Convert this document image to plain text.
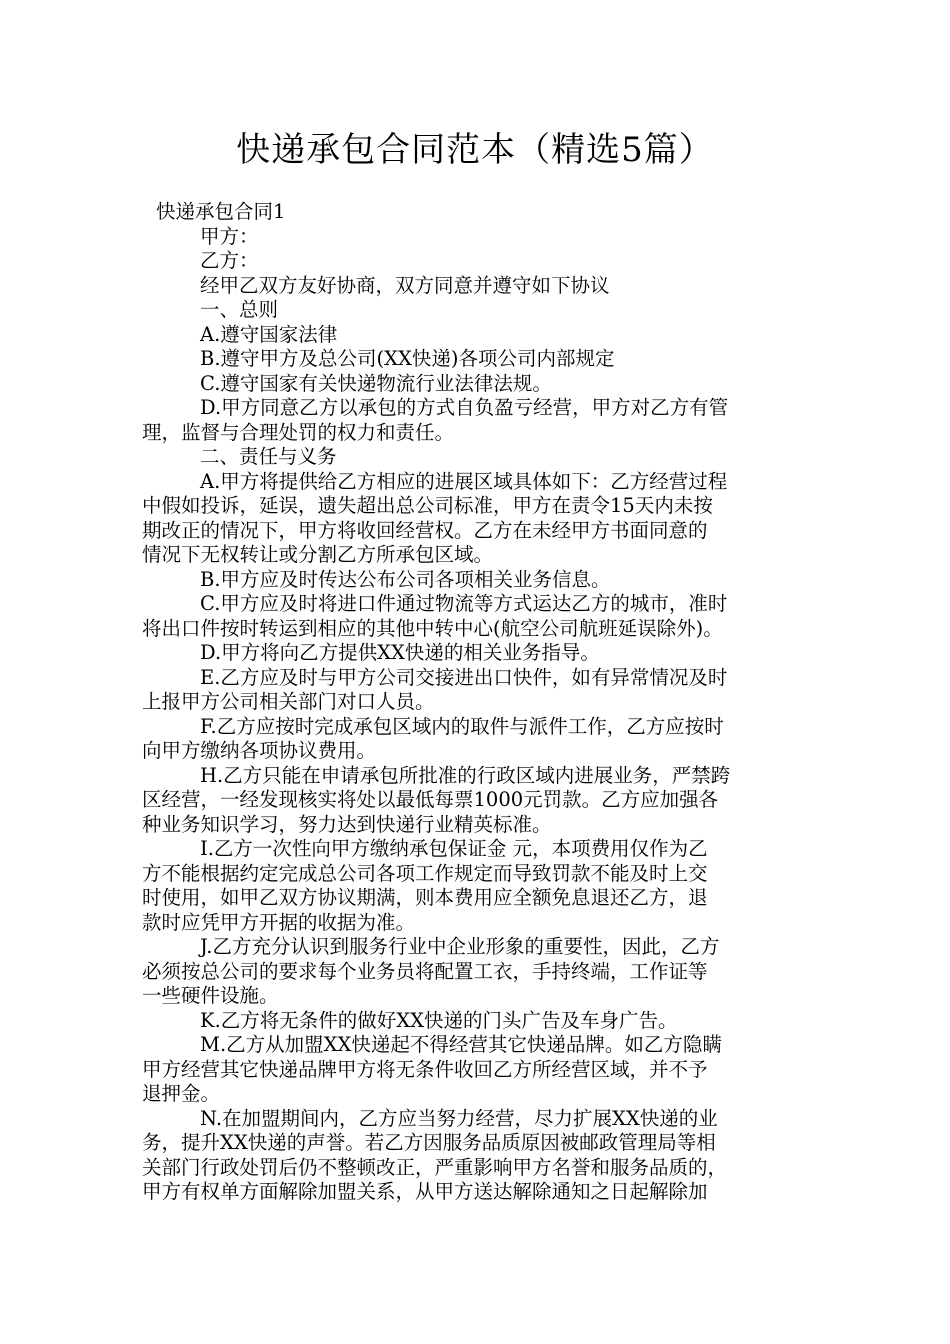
快递承包合同范本（精选5篇）
快递承包合同1
甲方：
乙方：
经甲乙双方友好协商，双方同意并遵守如下协议
一、总则
A.遵守国家法律
B.遵守甲方及总公司(XX快递)各项公司内部规定
C.遵守国家有关快递物流行业法律法规。
D.甲方同意乙方以承包的方式自负盈亏经营，甲方对乙方有管
理，监督与合理处罚的权力和责任。
二、责任与义务
A.甲方将提供给乙方相应的进展区域具体如下：乙方经营过程
中假如投诉，延误，遗失超出总公司标准，甲方在责令15天内未按
期改正的情况下，甲方将收回经营权。乙方在未经甲方书面同意的
情况下无权转让或分割乙方所承包区域。
B.甲方应及时传达公布公司各项相关业务信息。
C.甲方应及时将进口件通过物流等方式运达乙方的城市，准时
将出口件按时转运到相应的其他中转中心(航空公司航班延误除外)。
D.甲方将向乙方提供XX快递的相关业务指导。
E.乙方应及时与甲方公司交接进出口快件，如有异常情况及时
上报甲方公司相关部门对口人员。
F.乙方应按时完成承包区域内的取件与派件工作，乙方应按时
向甲方缴纳各项协议费用。
H.乙方只能在申请承包所批准的行政区域内进展业务，严禁跨
区经营，一经发现核实将处以最低每票1000元罚款。乙方应加强各
种业务知识学习，努力达到快递行业精英标准。
I.乙方一次性向甲方缴纳承包保证金 元，本项费用仅作为乙
方不能根据约定完成总公司各项工作规定而导致罚款不能及时上交
时使用，如甲乙双方协议期满，则本费用应全额免息退还乙方，退
款时应凭甲方开据的收据为准。
J.乙方充分认识到服务行业中企业形象的重要性，因此，乙方
必须按总公司的要求每个业务员将配置工衣，手持终端，工作证等
一些硬件设施。
K.乙方将无条件的做好XX快递的门头广告及车身广告。
M.乙方从加盟XX快递起不得经营其它快递品牌。如乙方隐瞒
甲方经营其它快递品牌甲方将无条件收回乙方所经营区域，并不予
退押金。
N.在加盟期间内，乙方应当努力经营，尽力扩展XX快递的业
务，提升XX快递的声誉。若乙方因服务品质原因被邮政管理局等相
关部门行政处罚后仍不整顿改正，严重影响甲方名誉和服务品质的，
甲方有权单方面解除加盟关系，从甲方送达解除通知之日起解除加
